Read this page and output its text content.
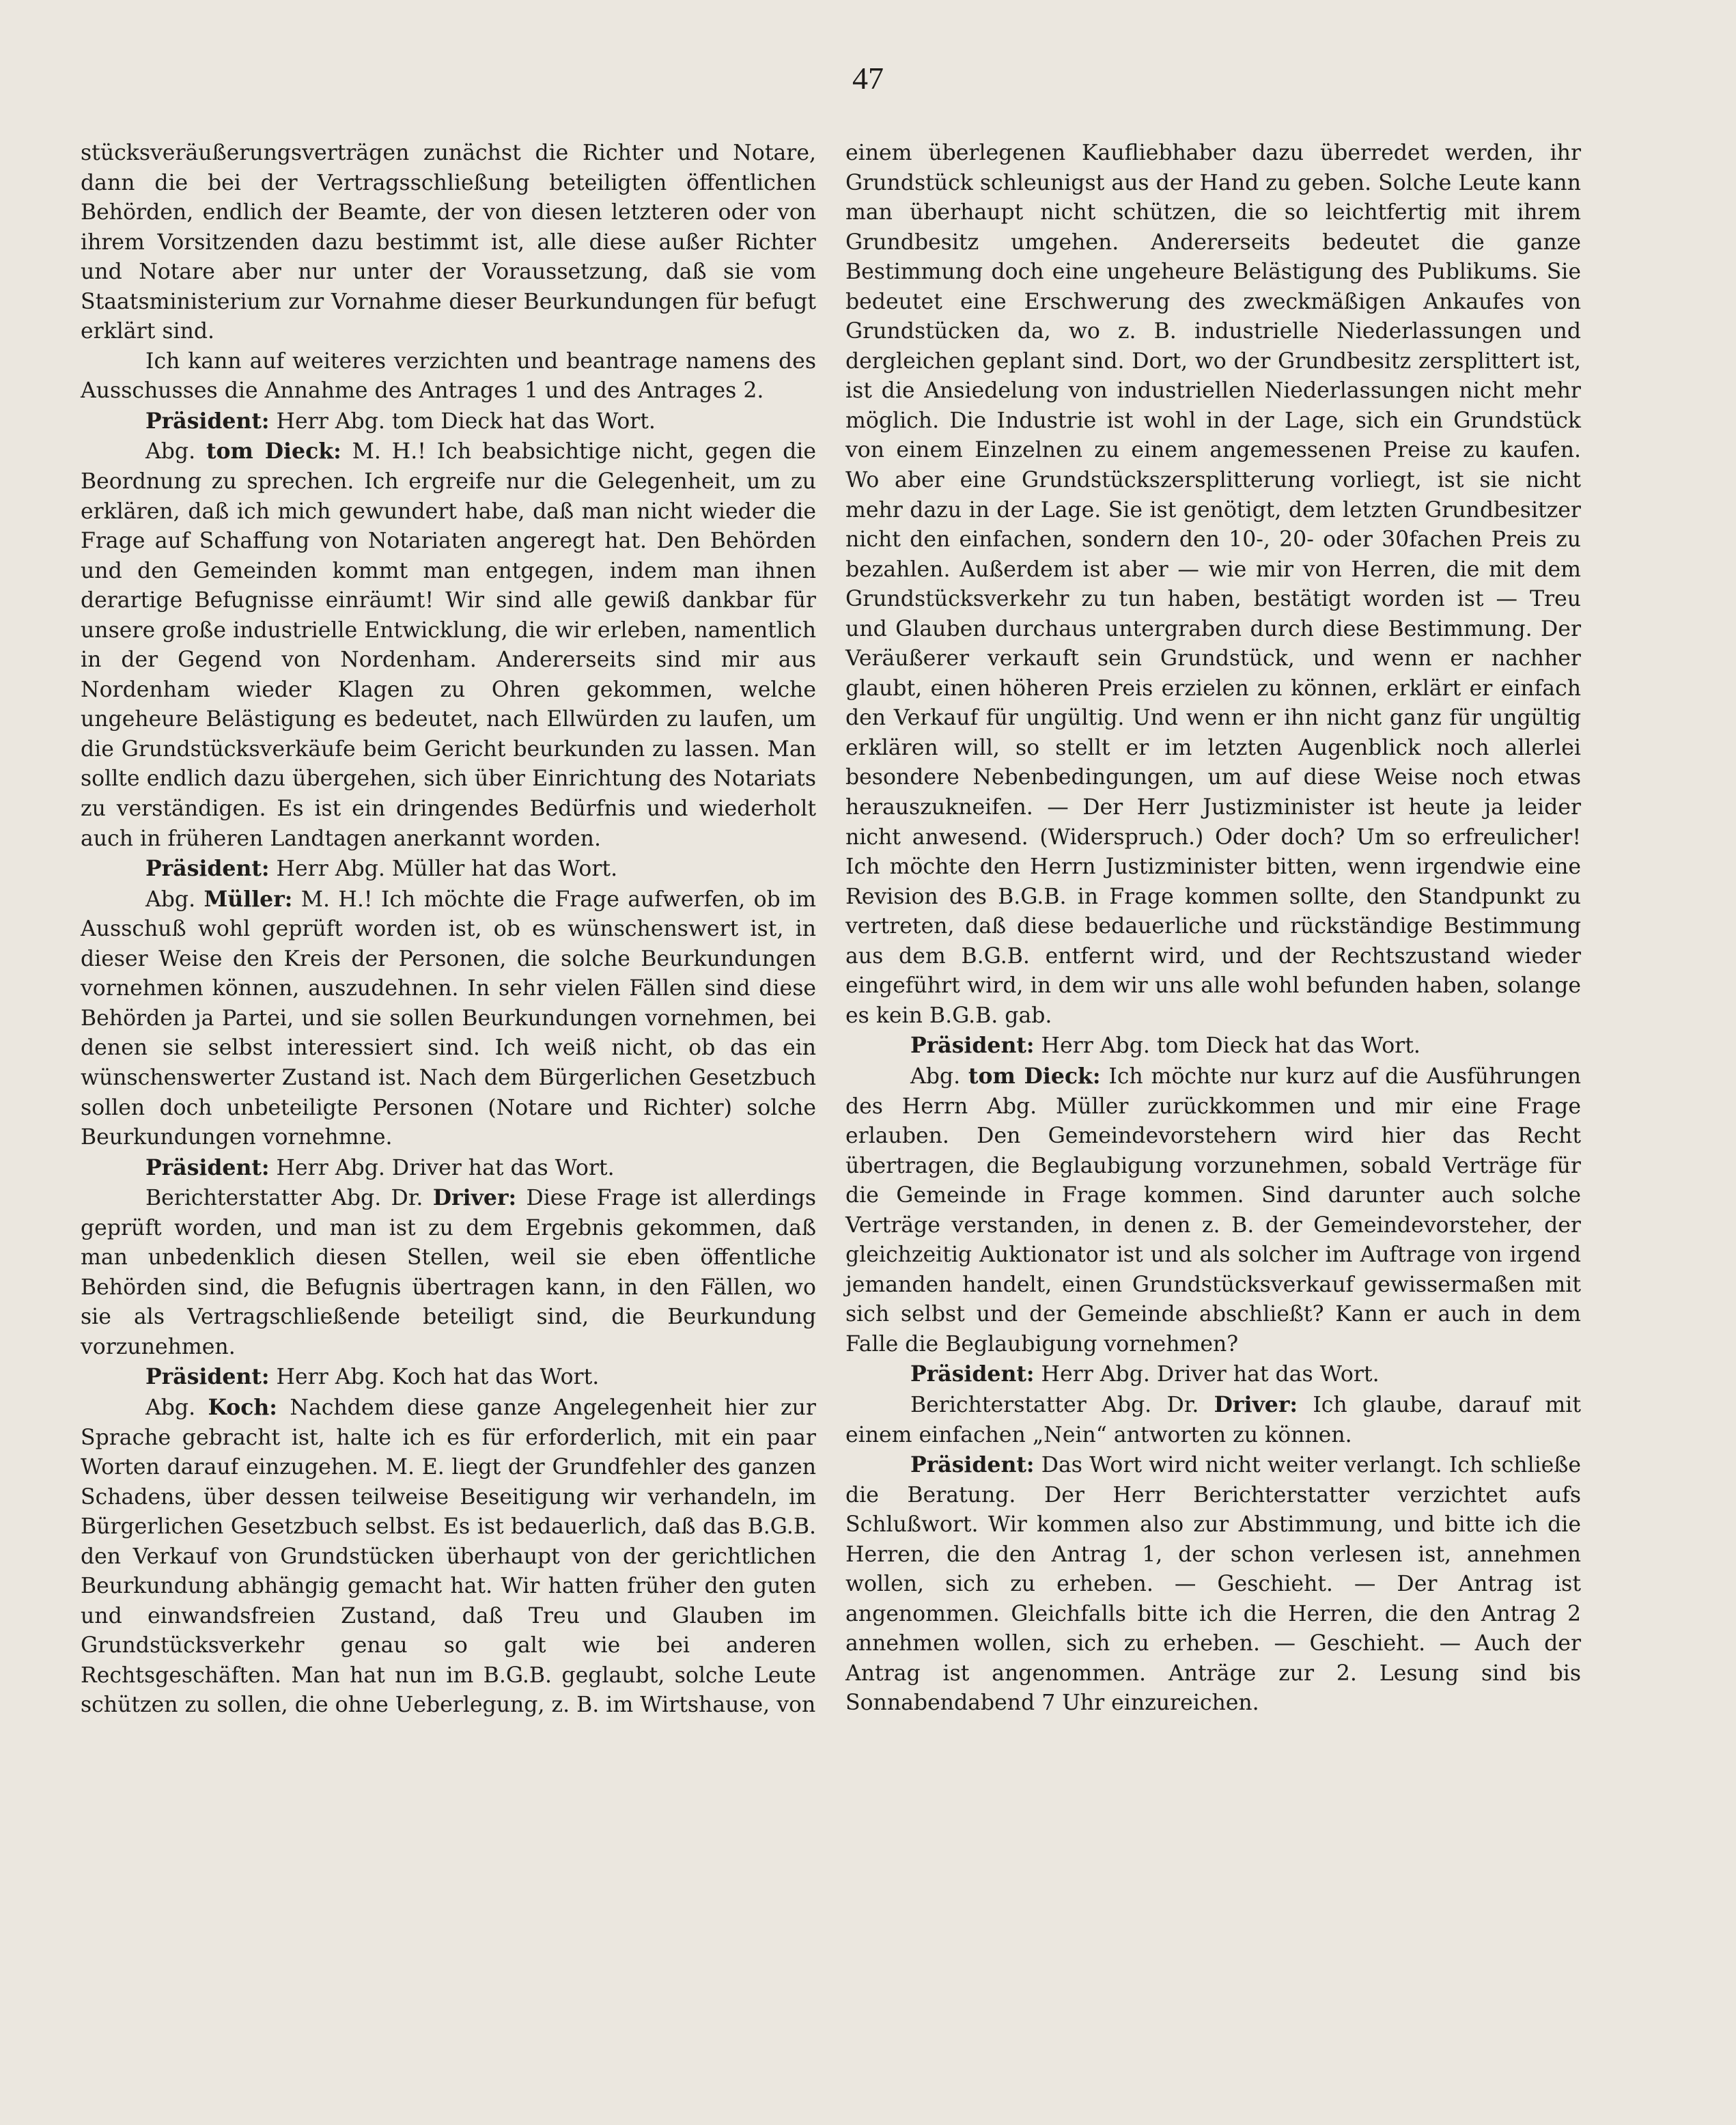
47

stücksveräußerungsverträgen zunächst die Richter und Notare, dann die bei der Vertragsschließung beteiligten öffentlichen Behörden, endlich der Beamte, der von diesen letzteren oder von ihrem Vorsitzenden dazu bestimmt ist, alle diese außer Richter und Notare aber nur unter der Voraussetzung, daß sie vom Staatsministerium zur Vornahme dieser Beurkundungen für befugt erklärt sind.

Ich kann auf weiteres verzichten und beantrage namens des Ausschusses die Annahme des Antrages 1 und des Antrages 2.

Präsident: Herr Abg. tom Dieck hat das Wort.

Abg. tom Dieck: M. H.! Ich beabsichtige nicht, gegen die Beordnung zu sprechen. Ich ergreife nur die Gelegenheit, um zu erklären, daß ich mich gewundert habe, daß man nicht wieder die Frage auf Schaffung von Notariaten angeregt hat. Den Behörden und den Gemeinden kommt man entgegen, indem man ihnen derartige Befugnisse einräumt! Wir sind alle gewiß dankbar für unsere große industrielle Entwicklung, die wir erleben, namentlich in der Gegend von Nordenham. Andererseits sind mir aus Nordenham wieder Klagen zu Ohren gekommen, welche ungeheure Belästigung es bedeutet, nach Ellwürden zu laufen, um die Grundstücksverkäufe beim Gericht beurkunden zu lassen. Man sollte endlich dazu übergehen, sich über Einrichtung des Notariats zu verständigen. Es ist ein dringendes Bedürfnis und wiederholt auch in früheren Landtagen anerkannt worden.

Präsident: Herr Abg. Müller hat das Wort.

Abg. Müller: M. H.! Ich möchte die Frage aufwerfen, ob im Ausschuß wohl geprüft worden ist, ob es wünschenswert ist, in dieser Weise den Kreis der Personen, die solche Beurkundungen vornehmen können, auszudehnen. In sehr vielen Fällen sind diese Behörden ja Partei, und sie sollen Beurkundungen vornehmen, bei denen sie selbst interessiert sind. Ich weiß nicht, ob das ein wünschenswerter Zustand ist. Nach dem Bürgerlichen Gesetzbuch sollen doch unbeteiligte Personen (Notare und Richter) solche Beurkundungen vornehmne.

Präsident: Herr Abg. Driver hat das Wort.

Berichterstatter Abg. Dr. Driver: Diese Frage ist allerdings geprüft worden, und man ist zu dem Ergebnis gekommen, daß man unbedenklich diesen Stellen, weil sie eben öffentliche Behörden sind, die Befugnis übertragen kann, in den Fällen, wo sie als Vertragschließende beteiligt sind, die Beurkundung vorzunehmen.

Präsident: Herr Abg. Koch hat das Wort.

Abg. Koch: Nachdem diese ganze Angelegenheit hier zur Sprache gebracht ist, halte ich es für erforderlich, mit ein paar Worten darauf einzugehen. M. E. liegt der Grundfehler des ganzen Schadens, über dessen teilweise Beseitigung wir verhandeln, im Bürgerlichen Gesetzbuch selbst. Es ist bedauerlich, daß das B.G.B. den Verkauf von Grundstücken überhaupt von der gerichtlichen Beurkundung abhängig gemacht hat. Wir hatten früher den guten und einwandsfreien Zustand, daß Treu und Glauben im Grundstücksverkehr genau so galt wie bei anderen Rechtsgeschäften. Man hat nun im B.G.B. geglaubt, solche Leute schützen zu sollen, die ohne Ueberlegung, z. B. im Wirtshause, von

einem überlegenen Kaufliebhaber dazu überredet werden, ihr Grundstück schleunigst aus der Hand zu geben. Solche Leute kann man überhaupt nicht schützen, die so leichtfertig mit ihrem Grundbesitz umgehen. Andererseits bedeutet die ganze Bestimmung doch eine ungeheure Belästigung des Publikums. Sie bedeutet eine Erschwerung des zweckmäßigen Ankaufes von Grundstücken da, wo z. B. industrielle Niederlassungen und dergleichen geplant sind. Dort, wo der Grundbesitz zersplittert ist, ist die Ansiedelung von industriellen Niederlassungen nicht mehr möglich. Die Industrie ist wohl in der Lage, sich ein Grundstück von einem Einzelnen zu einem angemessenen Preise zu kaufen. Wo aber eine Grundstückszersplitterung vorliegt, ist sie nicht mehr dazu in der Lage. Sie ist genötigt, dem letzten Grundbesitzer nicht den einfachen, sondern den 10-, 20- oder 30fachen Preis zu bezahlen. Außerdem ist aber — wie mir von Herren, die mit dem Grundstücksverkehr zu tun haben, bestätigt worden ist — Treu und Glauben durchaus untergraben durch diese Bestimmung. Der Veräußerer verkauft sein Grundstück, und wenn er nachher glaubt, einen höheren Preis erzielen zu können, erklärt er einfach den Verkauf für ungültig. Und wenn er ihn nicht ganz für ungültig erklären will, so stellt er im letzten Augenblick noch allerlei besondere Nebenbedingungen, um auf diese Weise noch etwas herauszukneifen. — Der Herr Justizminister ist heute ja leider nicht anwesend. (Widerspruch.) Oder doch? Um so erfreulicher! Ich möchte den Herrn Justizminister bitten, wenn irgendwie eine Revision des B.G.B. in Frage kommen sollte, den Standpunkt zu vertreten, daß diese bedauerliche und rückständige Bestimmung aus dem B.G.B. entfernt wird, und der Rechtszustand wieder eingeführt wird, in dem wir uns alle wohl befunden haben, solange es kein B.G.B. gab.

Präsident: Herr Abg. tom Dieck hat das Wort.

Abg. tom Dieck: Ich möchte nur kurz auf die Ausführungen des Herrn Abg. Müller zurückkommen und mir eine Frage erlauben. Den Gemeindevorstehern wird hier das Recht übertragen, die Beglaubigung vorzunehmen, sobald Verträge für die Gemeinde in Frage kommen. Sind darunter auch solche Verträge verstanden, in denen z. B. der Gemeindevorsteher, der gleichzeitig Auktionator ist und als solcher im Auftrage von irgend jemanden handelt, einen Grundstücksverkauf gewissermaßen mit sich selbst und der Gemeinde abschließt? Kann er auch in dem Falle die Beglaubigung vornehmen?

Präsident: Herr Abg. Driver hat das Wort.

Berichterstatter Abg. Dr. Driver: Ich glaube, darauf mit einem einfachen „Nein“ antworten zu können.

Präsident: Das Wort wird nicht weiter verlangt. Ich schließe die Beratung. Der Herr Berichterstatter verzichtet aufs Schlußwort. Wir kommen also zur Abstimmung, und bitte ich die Herren, die den Antrag 1, der schon verlesen ist, annehmen wollen, sich zu erheben. — Geschieht. — Der Antrag ist angenommen. Gleichfalls bitte ich die Herren, die den Antrag 2 annehmen wollen, sich zu erheben. — Geschieht. — Auch der Antrag ist angenommen. Anträge zur 2. Lesung sind bis Sonnabendabend 7 Uhr einzureichen.
